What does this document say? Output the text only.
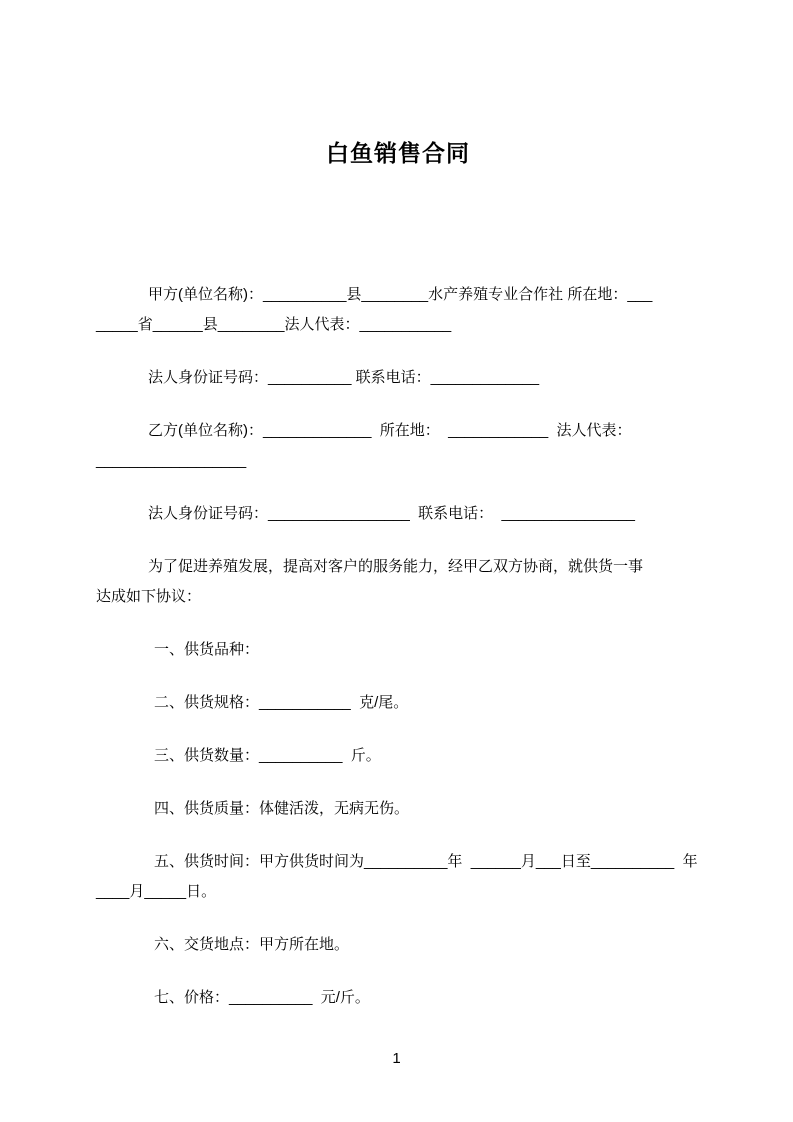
白鱼销售合同
甲方(单位名称)：__________县________水产养殖专业合作社 所在地：___
_____省______县________法人代表：___________
法人身份证号码：__________ 联系电话：_____________
乙方(单位名称)：_____________  所在地：  ____________  法人代表：
__________________
法人身份证号码：_________________  联系电话：  ________________
为了促进养殖发展，提高对客户的服务能力，经甲乙双方协商，就供货一事
达成如下协议：
一、供货品种：
二、供货规格：___________  克/尾。
三、供货数量：__________  斤。
四、供货质量：体健活泼，无病无伤。
五、供货时间：甲方供货时间为__________年  ______月___日至__________  年
____月_____日。
六、交货地点：甲方所在地。
七、价格：__________  元/斤。
1
